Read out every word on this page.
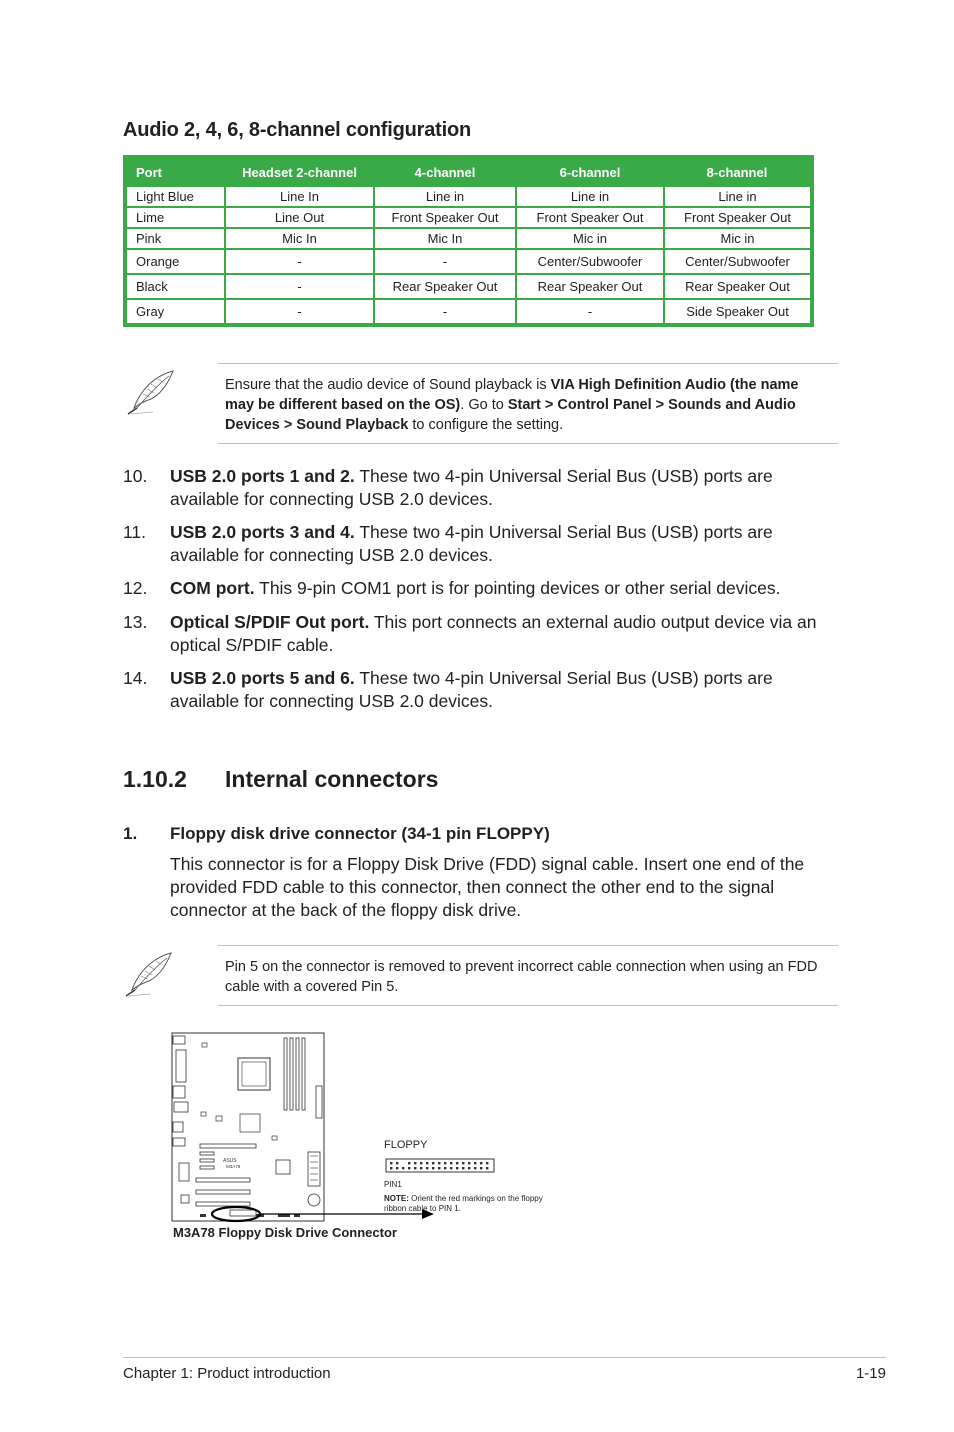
Audio 2, 4, 6, 8-channel configuration
Port	Headset 2-channel	4-channel	6-channel	8-channel
Light Blue	Line In	Line in	Line in	Line in
Lime	Line Out	Front Speaker Out	Front Speaker Out	Front Speaker Out
Pink	Mic In	Mic In	Mic in	Mic in
Orange	-	-	Center/Subwoofer	Center/Subwoofer
Black	-	Rear Speaker Out	Rear Speaker Out	Rear Speaker Out
Gray	-	-	-	Side Speaker Out
Ensure that the audio device of Sound playback is VIA High Definition Audio (the name may be different based on the OS). Go to Start > Control Panel > Sounds and Audio Devices > Sound Playback to configure the setting.
10. USB 2.0 ports 1 and 2. These two 4-pin Universal Serial Bus (USB) ports are available for connecting USB 2.0 devices.
11. USB 2.0 ports 3 and 4. These two 4-pin Universal Serial Bus (USB) ports are available for connecting USB 2.0 devices.
12. COM port. This 9-pin COM1 port is for pointing devices or other serial devices.
13. Optical S/PDIF Out port. This port connects an external audio output device via an optical S/PDIF cable.
14. USB 2.0 ports 5 and 6. These two 4-pin Universal Serial Bus (USB) ports are available for connecting USB 2.0 devices.
1.10.2 Internal connectors
1. Floppy disk drive connector (34-1 pin FLOPPY)
This connector is for a Floppy Disk Drive (FDD) signal cable. Insert one end of the provided FDD cable to this connector, then connect the other end to the signal connector at the back of the floppy disk drive.
Pin 5 on the connector is removed to prevent incorrect cable connection when using an FDD cable with a covered Pin 5.
ASUS
M3A78
FLOPPY
PIN1
NOTE: Orient the red markings on the floppy ribbon cable to PIN 1.
M3A78 Floppy Disk Drive Connector
Chapter 1: Product introduction	1-19
